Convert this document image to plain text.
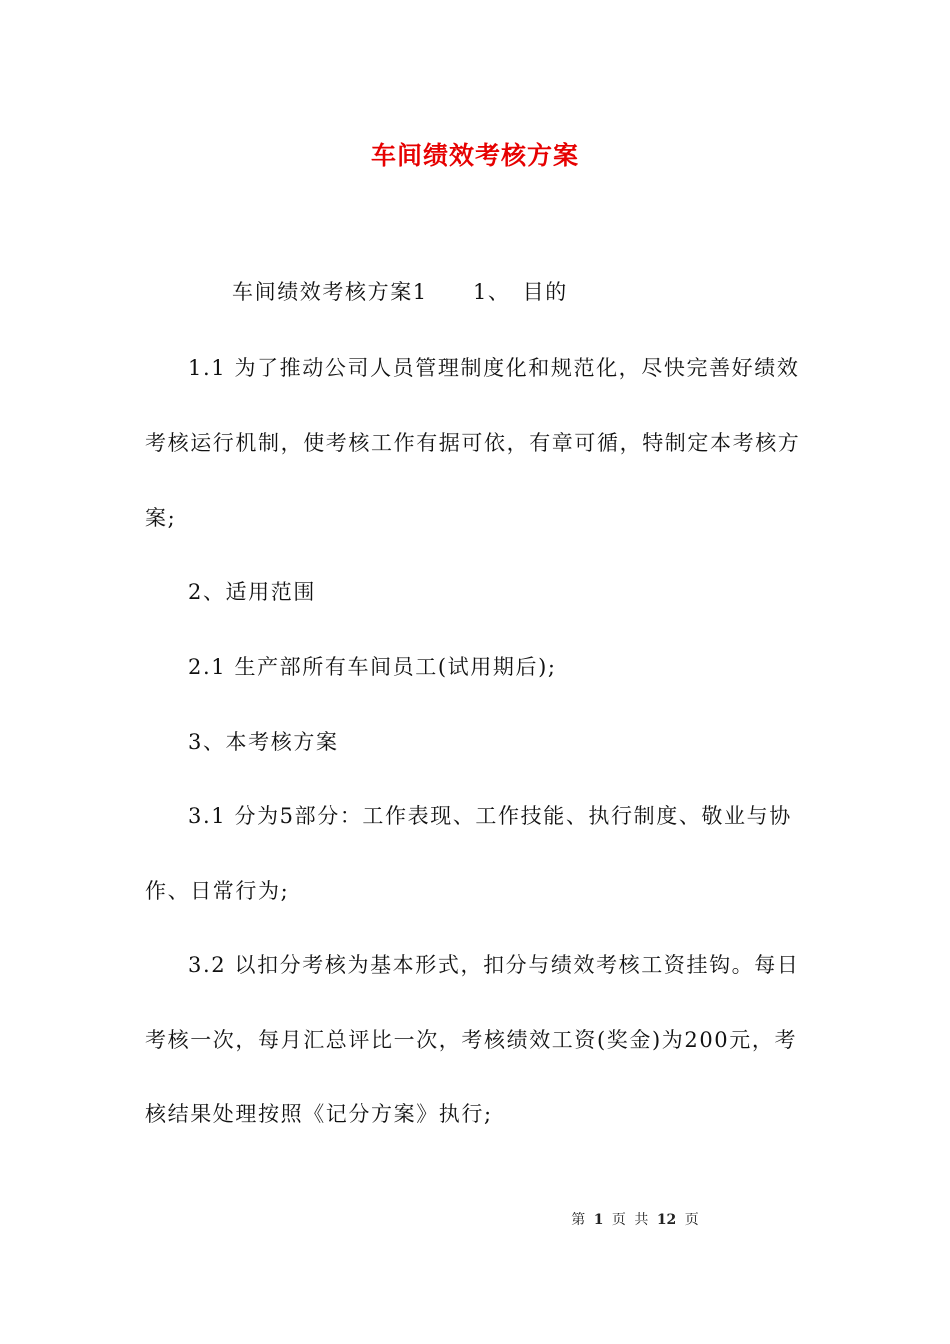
车间绩效考核方案
车间绩效考核方案1　　1、　目的
1.1 为了推动公司人员管理制度化和规范化，尽快完善好绩效
考核运行机制，使考核工作有据可依，有章可循，特制定本考核方
案;
2、适用范围
2.1 生产部所有车间员工(试用期后);
3、本考核方案
3.1 分为5部分：工作表现、工作技能、执行制度、敬业与协
作、日常行为;
3.2 以扣分考核为基本形式，扣分与绩效考核工资挂钩。每日
考核一次，每月汇总评比一次，考核绩效工资(奖金)为200元，考
核结果处理按照《记分方案》执行;
第 1 页 共 12 页
